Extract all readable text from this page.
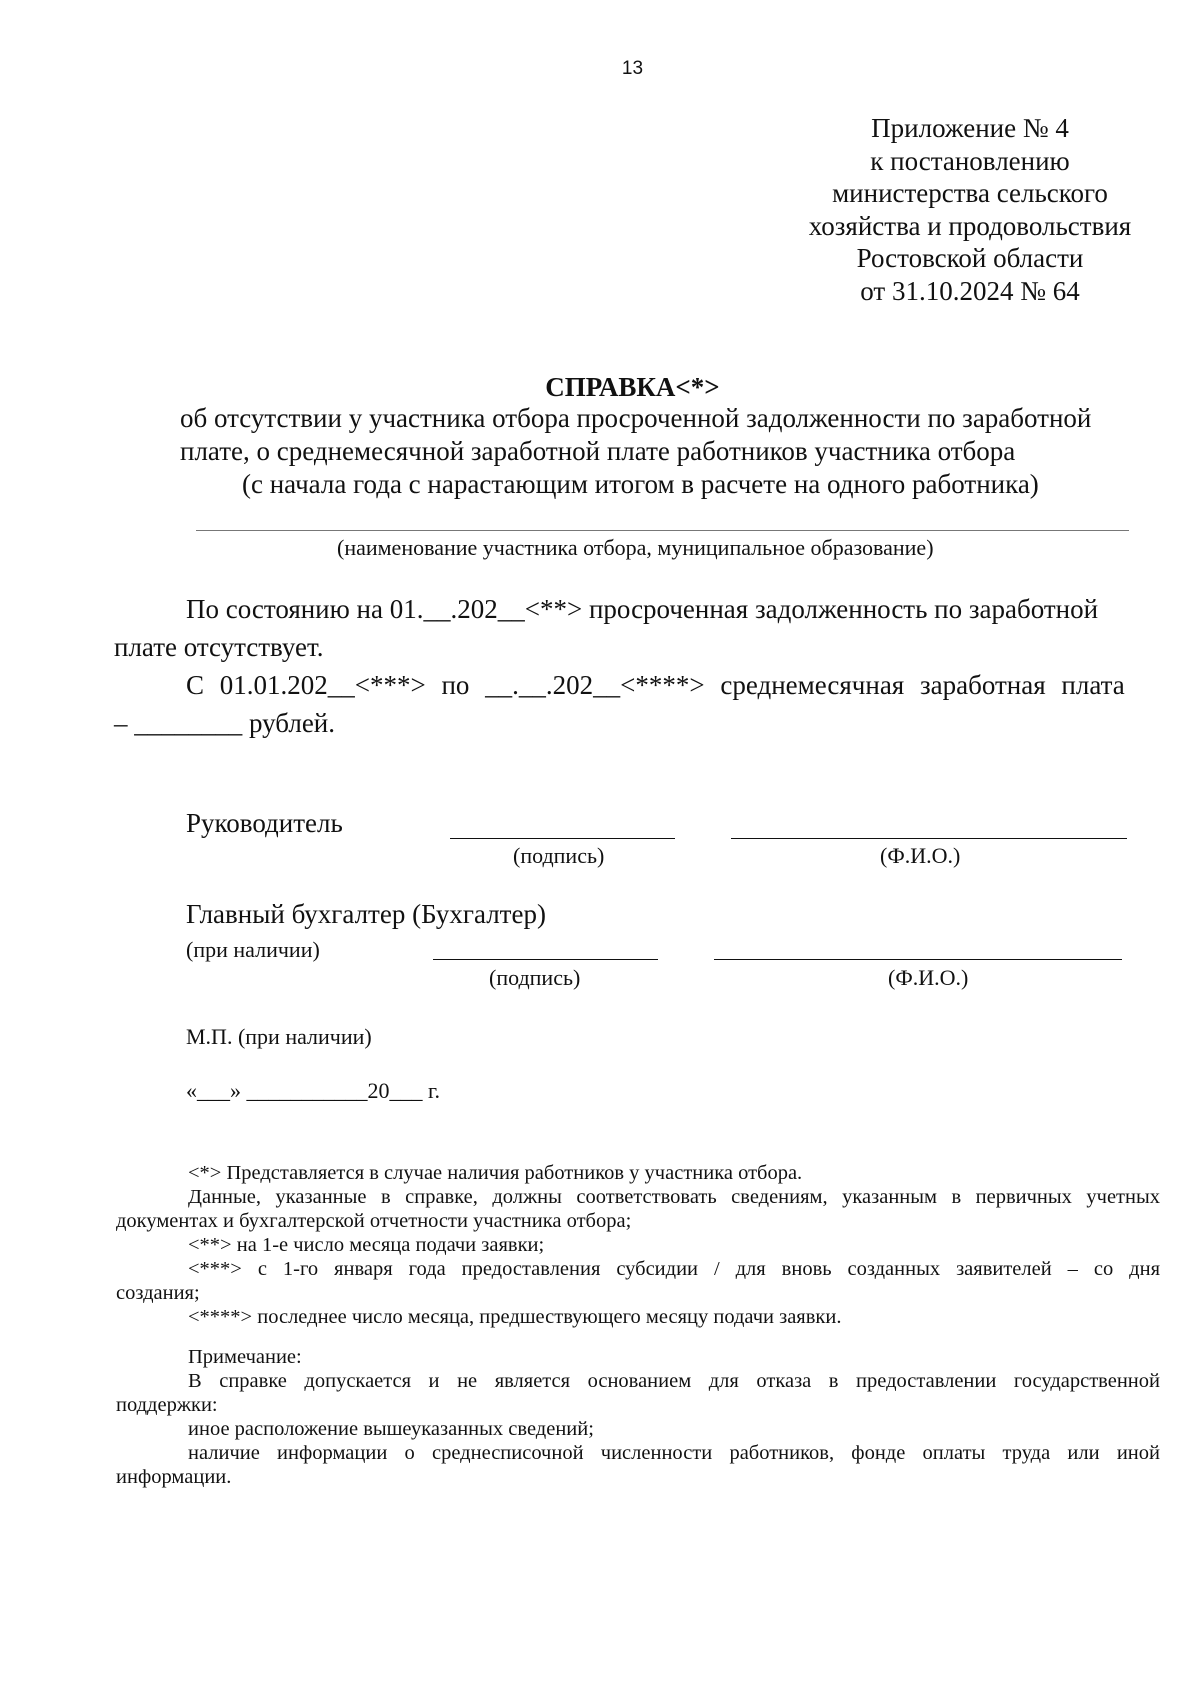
13
Приложение № 4
к постановлению
министерства сельского
хозяйства и продовольствия
Ростовской области
от 31.10.2024 № 64
СПРАВКА<*>
об отсутствии у участника отбора просроченной задолженности по заработной
плате, о среднемесячной заработной плате работников участника отбора
(с начала года с нарастающим итогом в расчете на одного работника)
(наименование участника отбора, муниципальное образование)
По состоянию на 01.__.202__<**> просроченная задолженность по заработной
плате отсутствует.
С 01.01.202__<***> по __.__.202__<****> среднемесячная заработная плата
– ________ рублей.
Руководитель
(подпись)	(Ф.И.О.)
Главный бухгалтер (Бухгалтер)
(при наличии)
(подпись)	(Ф.И.О.)
М.П. (при наличии)
«___» ___________20___ г.
<*> Представляется в случае наличия работников у участника отбора.
Данные, указанные в справке, должны соответствовать сведениям, указанным в первичных учетных
документах и бухгалтерской отчетности участника отбора;
<**> на 1-е число месяца подачи заявки;
<***> с 1-го января года предоставления субсидии / для вновь созданных заявителей – со дня
создания;
<****> последнее число месяца, предшествующего месяцу подачи заявки.
Примечание:
В справке допускается и не является основанием для отказа в предоставлении государственной
поддержки:
иное расположение вышеуказанных сведений;
наличие информации о среднесписочной численности работников, фонде оплаты труда или иной
информации.
